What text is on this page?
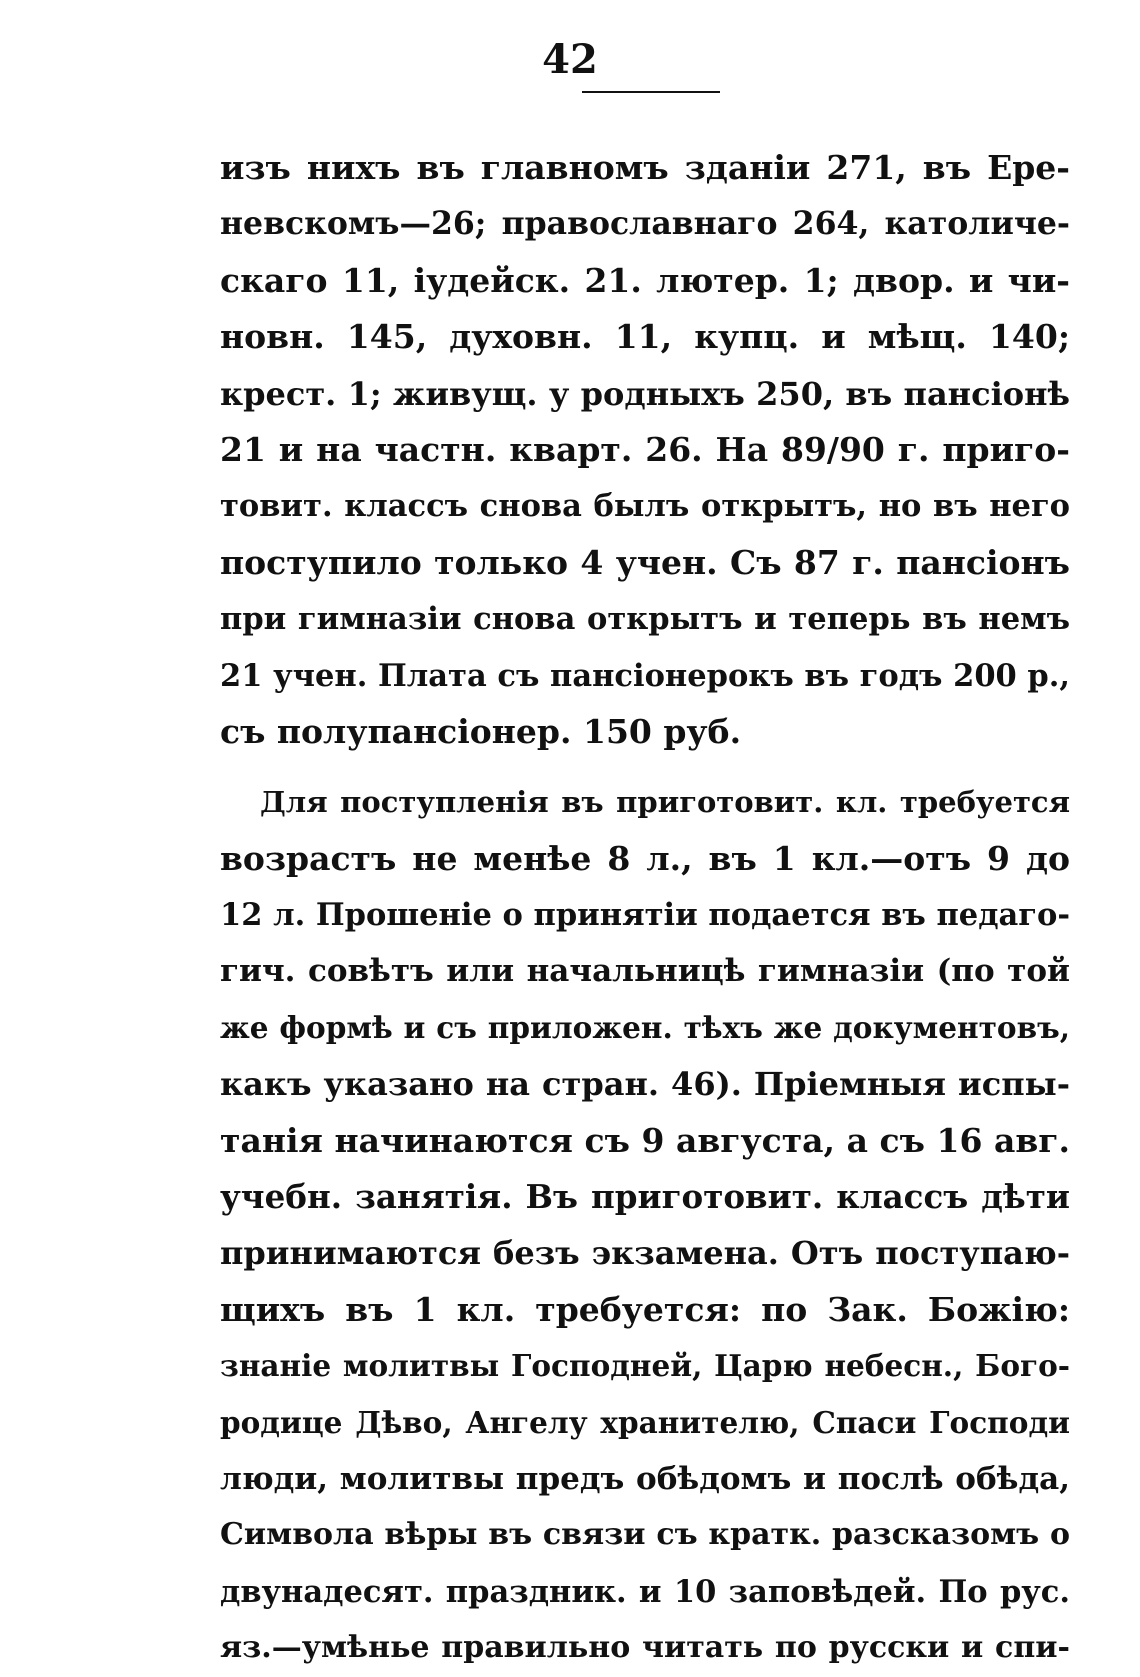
42
изъ нихъ въ главномъ зданіи 271, въ Ере-
невскомъ—26; православнаго 264, католиче-
скаго 11, іудейск. 21. лютер. 1; двор. и чи-
новн. 145, духовн. 11, купц. и мѣщ. 140;
крест. 1; живущ. у родныхъ 250, въ пансіонѣ
21 и на частн. кварт. 26. На 89/90 г. приго-
товит. классъ снова былъ открытъ, но въ него
поступило только 4 учен. Съ 87 г. пансіонъ
при гимназіи снова открытъ и теперь въ немъ
21 учен. Плата съ пансіонерокъ въ годъ 200 р.,
съ полупансіонер. 150 руб.
Для поступленія въ приготовит. кл. требуется
возрастъ не менѣе 8 л., въ 1 кл.—отъ 9 до
12 л. Прошеніе о принятіи подается въ педаго-
гич. совѣтъ или начальницѣ гимназіи (по той
же формѣ и съ приложен. тѣхъ же документовъ,
какъ указано на стран. 46). Пріемныя испы-
танія начинаются съ 9 августа, а съ 16 авг.
учебн. занятія. Въ приготовит. классъ дѣти
принимаются безъ экзамена. Отъ поступаю-
щихъ въ 1 кл. требуется: по Зак. Божію:
знаніе молитвы Господней, Царю небесн., Бого-
родице Дѣво, Ангелу хранителю, Спаси Господи
люди, молитвы предъ обѣдомъ и послѣ обѣда,
Символа вѣры въ связи съ кратк. разсказомъ о
двунадесят. праздник. и 10 заповѣдей. По рус.
яз.—умѣнье правильно читать по русски и спи-
